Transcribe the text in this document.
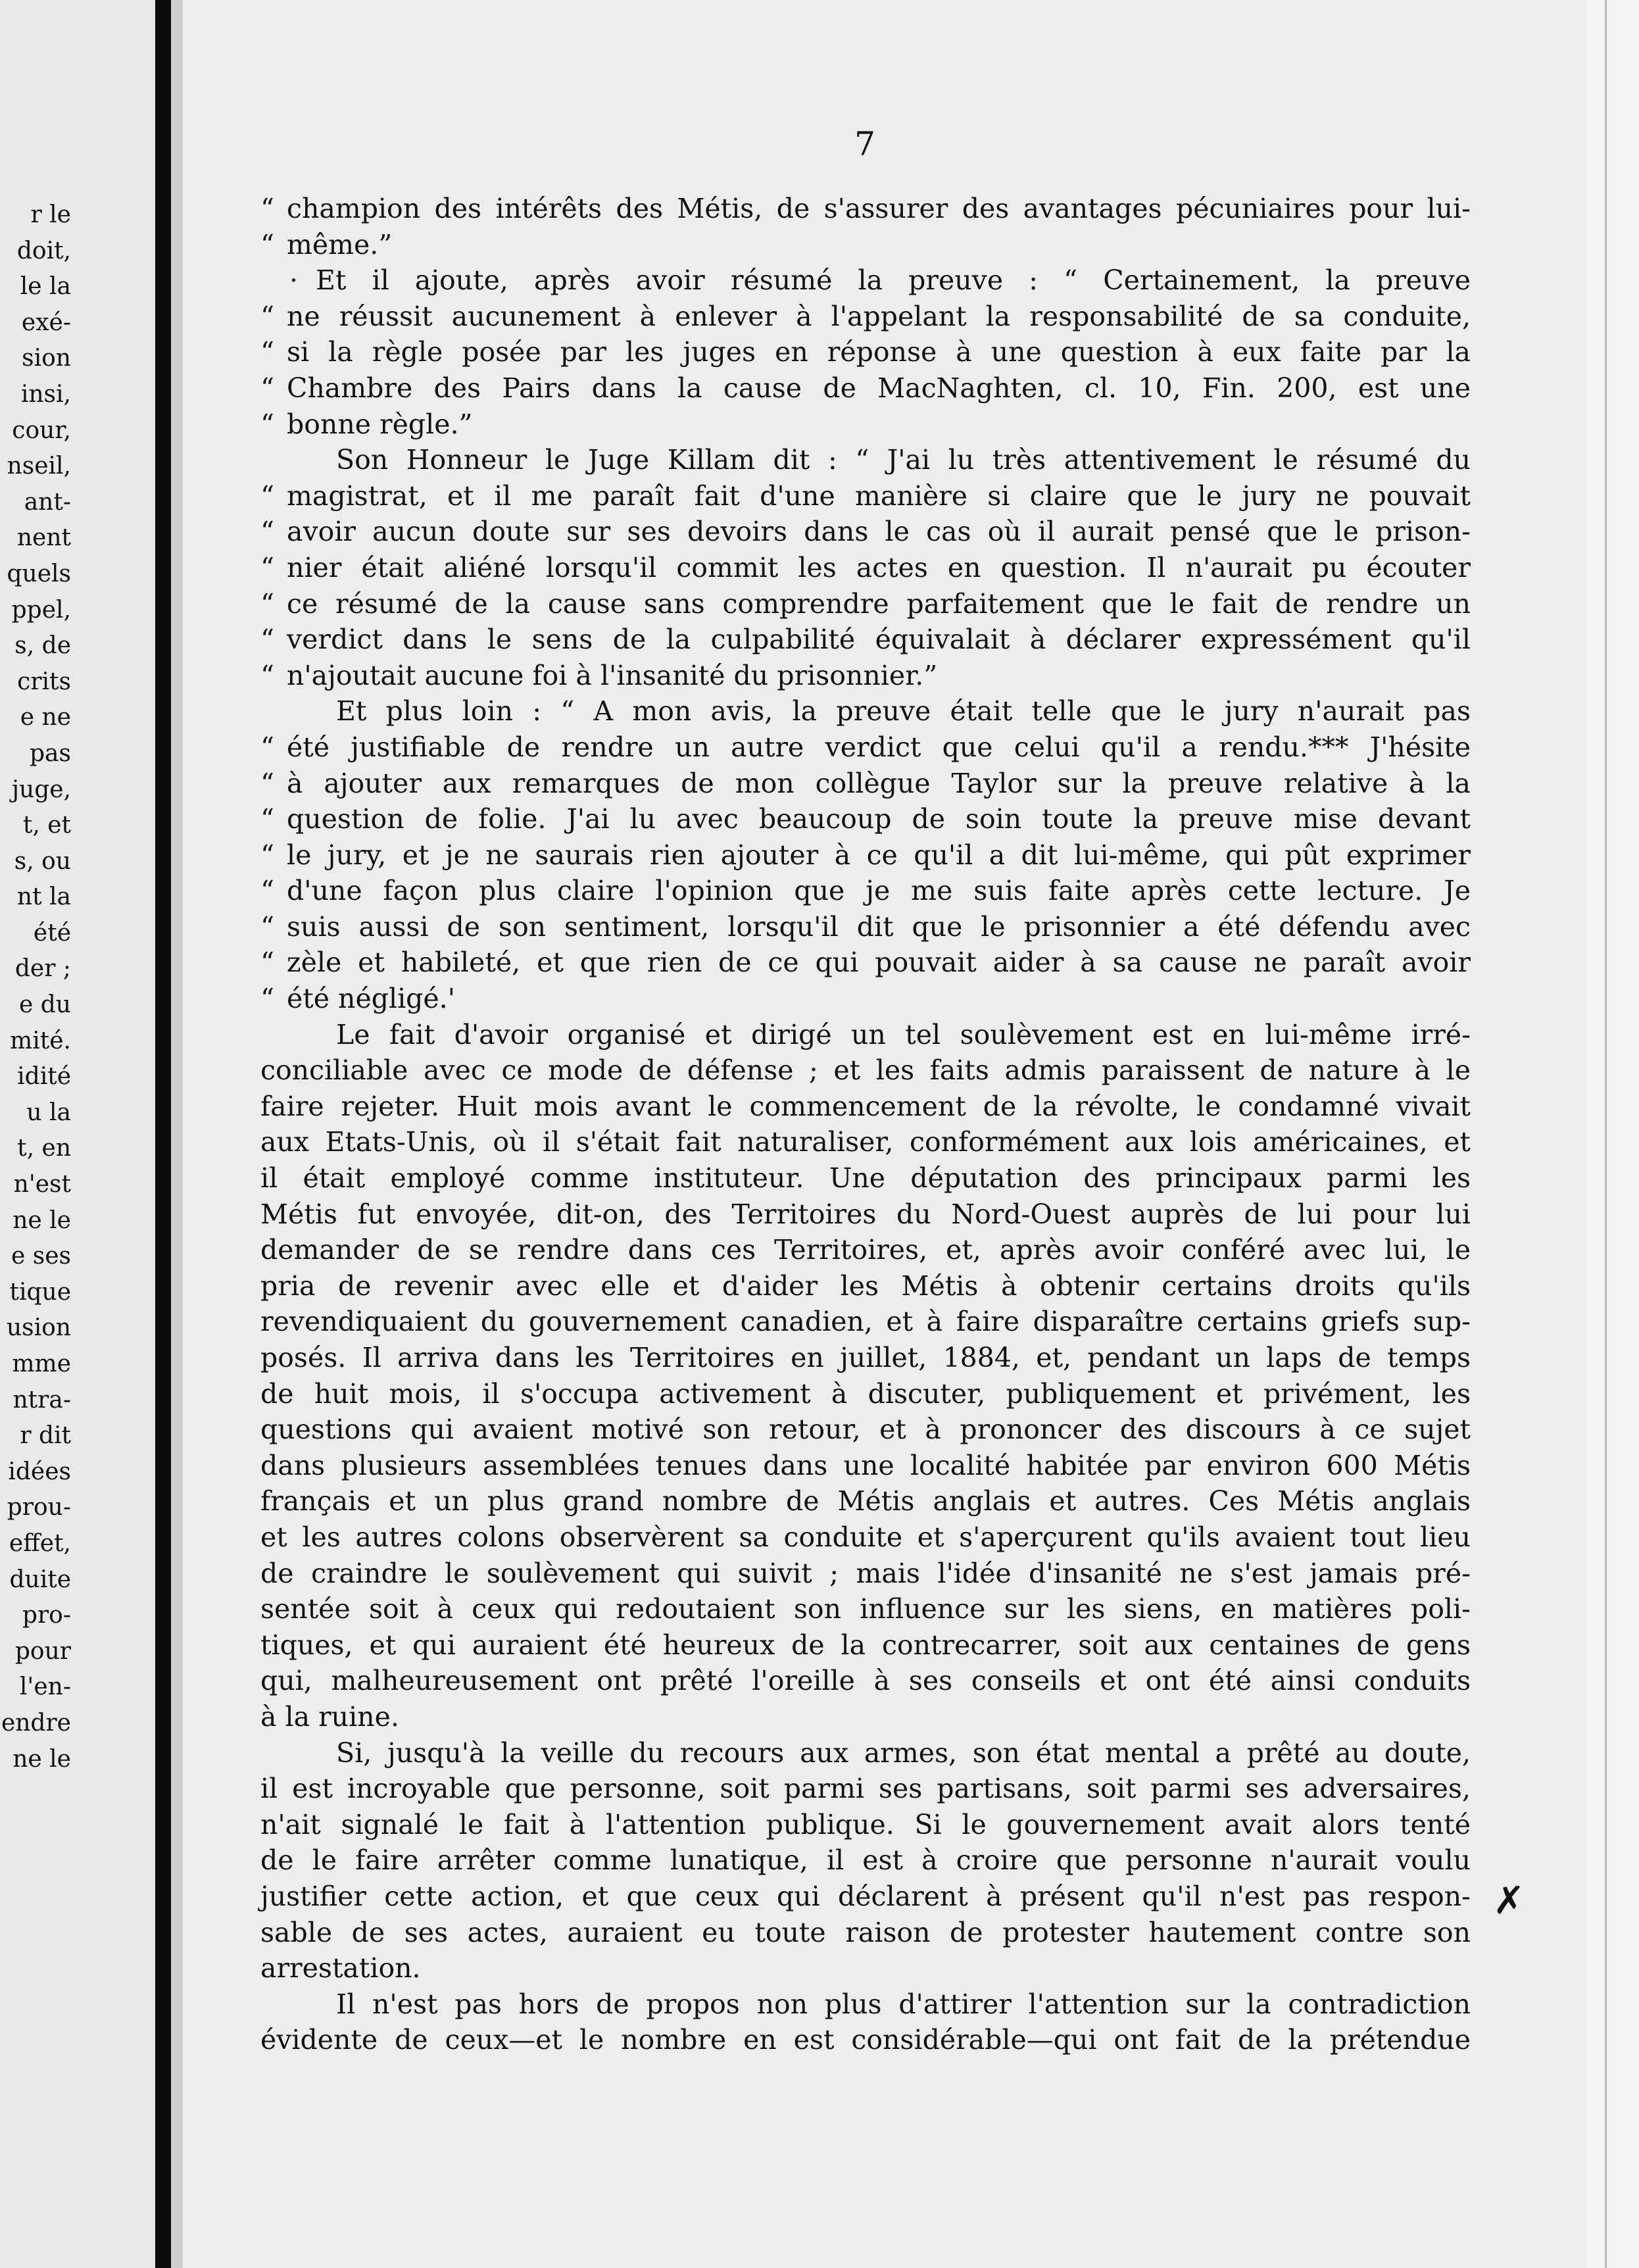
r le
doit,
le la
exé-
sion
insi,
cour,
nseil,
ant-
nent
quels
ppel,
s, de
crits
e ne
pas
juge,
t, et
s, ou
nt la
été
der ;
e du
mité.
idité
u la
t, en
n'est
ne le
e ses
tique
usion
mme
ntra-
r dit
idées
prou-
effet,
duite
pro-
pour
l'en-
endre
ne le
7
“ champion des intérêts des Métis, de s'assurer des avantages pécuniaires pour lui-
“ même.”
· Et il ajoute, après avoir résumé la preuve : “ Certainement, la preuve
“ ne réussit aucunement à enlever à l'appelant la responsabilité de sa conduite,
“ si la règle posée par les juges en réponse à une question à eux faite par la
“ Chambre des Pairs dans la cause de MacNaghten, cl. 10, Fin. 200, est une
“ bonne règle.”
Son Honneur le Juge Killam dit : “ J'ai lu très attentivement le résumé du
“ magistrat, et il me paraît fait d'une manière si claire que le jury ne pouvait
“ avoir aucun doute sur ses devoirs dans le cas où il aurait pensé que le prison-
“ nier était aliéné lorsqu'il commit les actes en question. Il n'aurait pu écouter
“ ce résumé de la cause sans comprendre parfaitement que le fait de rendre un
“ verdict dans le sens de la culpabilité équivalait à déclarer expressément qu'il
“ n'ajoutait aucune foi à l'insanité du prisonnier.”
Et plus loin : “ A mon avis, la preuve était telle que le jury n'aurait pas
“ été justifiable de rendre un autre verdict que celui qu'il a rendu.*** J'hésite
“ à ajouter aux remarques de mon collègue Taylor sur la preuve relative à la
“ question de folie. J'ai lu avec beaucoup de soin toute la preuve mise devant
“ le jury, et je ne saurais rien ajouter à ce qu'il a dit lui-même, qui pût exprimer
“ d'une façon plus claire l'opinion que je me suis faite après cette lecture. Je
“ suis aussi de son sentiment, lorsqu'il dit que le prisonnier a été défendu avec
“ zèle et habileté, et que rien de ce qui pouvait aider à sa cause ne paraît avoir
“ été négligé.'
Le fait d'avoir organisé et dirigé un tel soulèvement est en lui-même irré-
conciliable avec ce mode de défense ; et les faits admis paraissent de nature à le
faire rejeter. Huit mois avant le commencement de la révolte, le condamné vivait
aux Etats-Unis, où il s'était fait naturaliser, conformément aux lois américaines, et
il était employé comme instituteur. Une députation des principaux parmi les
Métis fut envoyée, dit-on, des Territoires du Nord-Ouest auprès de lui pour lui
demander de se rendre dans ces Territoires, et, après avoir conféré avec lui, le
pria de revenir avec elle et d'aider les Métis à obtenir certains droits qu'ils
revendiquaient du gouvernement canadien, et à faire disparaître certains griefs sup-
posés. Il arriva dans les Territoires en juillet, 1884, et, pendant un laps de temps
de huit mois, il s'occupa activement à discuter, publiquement et privément, les
questions qui avaient motivé son retour, et à prononcer des discours à ce sujet
dans plusieurs assemblées tenues dans une localité habitée par environ 600 Métis
français et un plus grand nombre de Métis anglais et autres. Ces Métis anglais
et les autres colons observèrent sa conduite et s'aperçurent qu'ils avaient tout lieu
de craindre le soulèvement qui suivit ; mais l'idée d'insanité ne s'est jamais pré-
sentée soit à ceux qui redoutaient son influence sur les siens, en matières poli-
tiques, et qui auraient été heureux de la contrecarrer, soit aux centaines de gens
qui, malheureusement ont prêté l'oreille à ses conseils et ont été ainsi conduits
à la ruine.
Si, jusqu'à la veille du recours aux armes, son état mental a prêté au doute,
il est incroyable que personne, soit parmi ses partisans, soit parmi ses adversaires,
n'ait signalé le fait à l'attention publique. Si le gouvernement avait alors tenté
de le faire arrêter comme lunatique, il est à croire que personne n'aurait voulu
justifier cette action, et que ceux qui déclarent à présent qu'il n'est pas respon-
sable de ses actes, auraient eu toute raison de protester hautement contre son
arrestation.
Il n'est pas hors de propos non plus d'attirer l'attention sur la contradiction
évidente de ceux—et le nombre en est considérable—qui ont fait de la prétendue
✗
